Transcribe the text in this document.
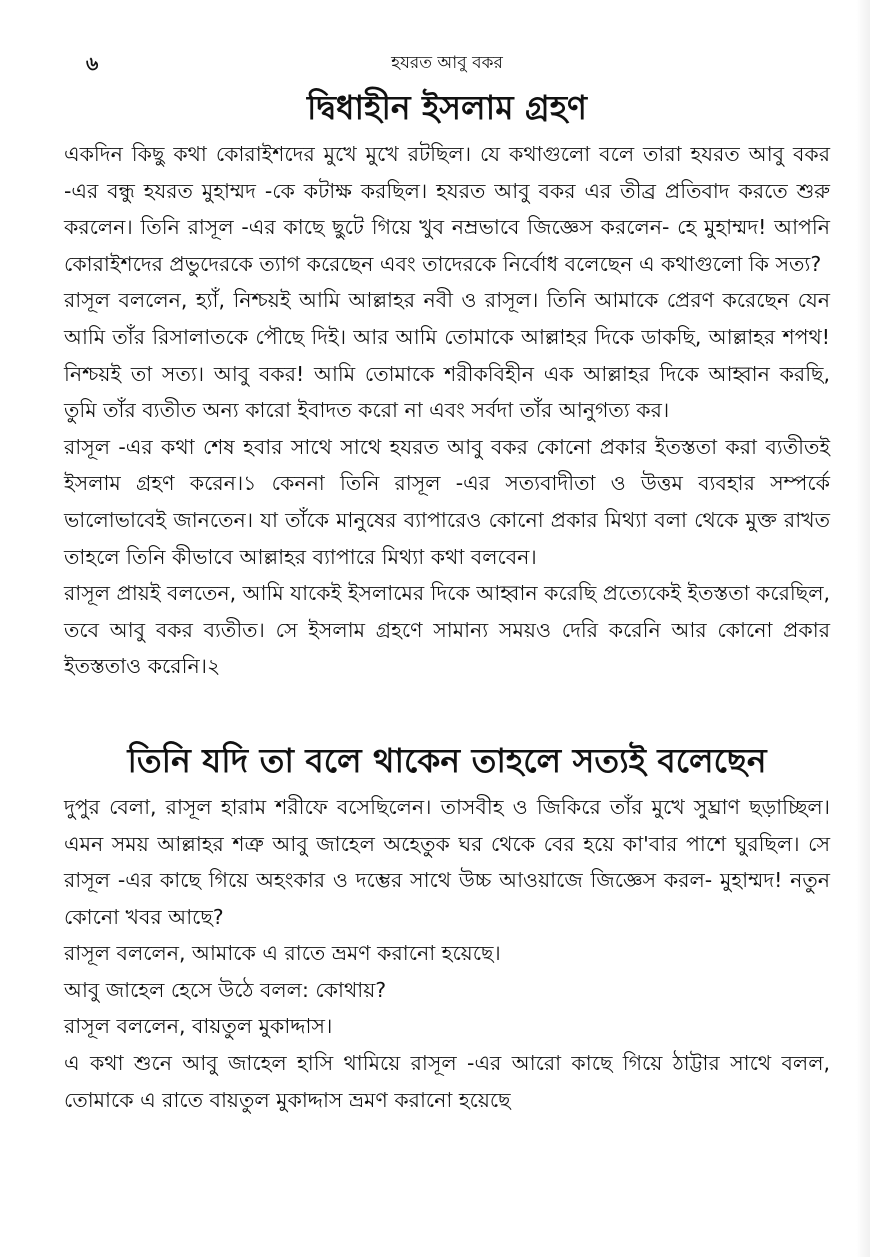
৬	হযরত আবু বকর
দ্বিধাহীন ইসলাম গ্রহণ

একদিন কিছু কথা কোরাইশদের মুখে মুখে রটছিল। যে কথাগুলো বলে তারা হযরত আবু বকর -এর বন্ধু হযরত মুহাম্মদ -কে কটাক্ষ করছিল। হযরত আবু বকর এর তীব্র প্রতিবাদ করতে শুরু করলেন। তিনি রাসূল -এর কাছে ছুটে গিয়ে খুব নম্রভাবে জিজ্ঞেস করলেন- হে মুহাম্মদ! আপনি কোরাইশদের প্রভুদেরকে ত্যাগ করেছেন এবং তাদেরকে নির্বোধ বলেছেন এ কথাগুলো কি সত্য?

রাসূল বললেন, হ্যাঁ, নিশ্চয়ই আমি আল্লাহর নবী ও রাসূল। তিনি আমাকে প্রেরণ করেছেন যেন আমি তাঁর রিসালাতকে পৌছে দিই। আর আমি তোমাকে আল্লাহর দিকে ডাকছি, আল্লাহর শপথ! নিশ্চয়ই তা সত্য। আবু বকর! আমি তোমাকে শরীকবিহীন এক আল্লাহর দিকে আহ্বান করছি, তুমি তাঁর ব্যতীত অন্য কারো ইবাদত করো না এবং সর্বদা তাঁর আনুগত্য কর।

রাসূল -এর কথা শেষ হবার সাথে সাথে হযরত আবু বকর কোনো প্রকার ইতস্ততা করা ব্যতীতই ইসলাম গ্রহণ করেন।১ কেননা তিনি রাসূল -এর সত্যবাদীতা ও উত্তম ব্যবহার সম্পর্কে ভালোভাবেই জানতেন। যা তাঁকে মানুষের ব্যাপারেও কোনো প্রকার মিথ্যা বলা থেকে মুক্ত রাখত তাহলে তিনি কীভাবে আল্লাহর ব্যাপারে মিথ্যা কথা বলবেন।

রাসূল প্রায়ই বলতেন, আমি যাকেই ইসলামের দিকে আহ্বান করেছি প্রত্যেকেই ইতস্ততা করেছিল, তবে আবু বকর ব্যতীত। সে ইসলাম গ্রহণে সামান্য সময়ও দেরি করেনি আর কোনো প্রকার ইতস্ততাও করেনি।২

তিনি যদি তা বলে থাকেন তাহলে সত্যই বলেছেন

দুপুর বেলা, রাসূল হারাম শরীফে বসেছিলেন। তাসবীহ ও জিকিরে তাঁর মুখে সুঘ্রাণ ছড়াচ্ছিল। এমন সময় আল্লাহর শত্রু আবু জাহেল অহেতুক ঘর থেকে বের হয়ে কা'বার পাশে ঘুরছিল। সে রাসূল -এর কাছে গিয়ে অহংকার ও দম্ভের সাথে উচ্চ আওয়াজে জিজ্ঞেস করল- মুহাম্মদ! নতুন কোনো খবর আছে?

রাসূল বললেন, আমাকে এ রাতে ভ্রমণ করানো হয়েছে।

আবু জাহেল হেসে উঠে বলল: কোথায়?

রাসূল বললেন, বায়তুল মুকাদ্দাস।

এ কথা শুনে আবু জাহেল হাসি থামিয়ে রাসূল -এর আরো কাছে গিয়ে ঠাট্টার সাথে বলল, তোমাকে এ রাতে বায়তুল মুকাদ্দাস ভ্রমণ করানো হয়েছে
